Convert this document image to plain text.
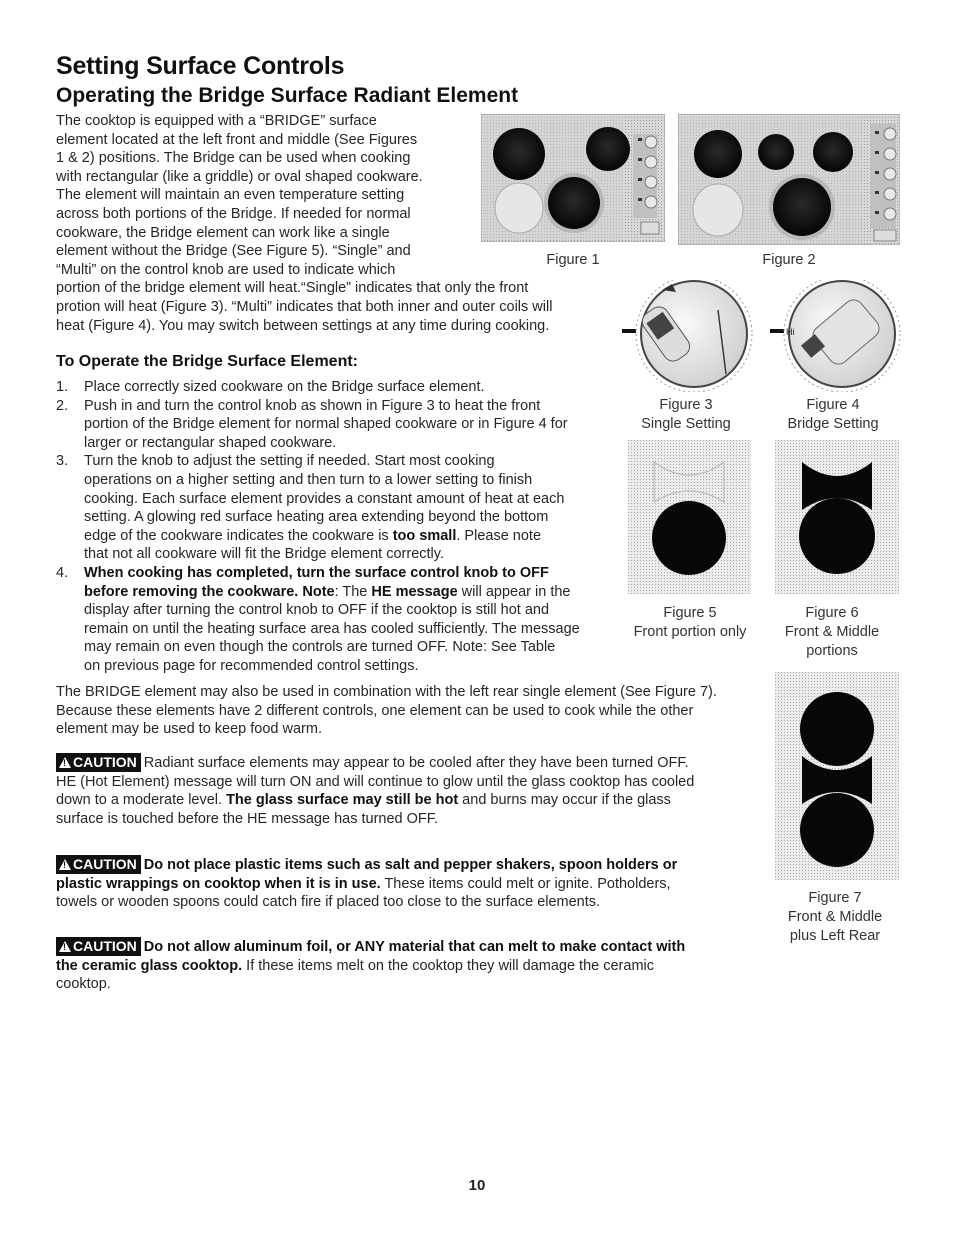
Setting Surface Controls
Operating the Bridge Surface Radiant Element

The cooktop is equipped with a “BRIDGE” surface

element located at the left front and middle (See Figures

1 & 2) positions. The Bridge can be used when cooking

with rectangular (like a griddle) or oval shaped cookware.

The element will maintain an even temperature setting

across both portions of the Bridge. If needed for normal

cookware, the Bridge element can work like a single

element without the Bridge (See Figure 5). “Single” and

“Multi” on the control knob are used to indicate which

portion of the bridge element will heat.“Single” indicates that only the front

protion will heat (Figure 3). “Multi” indicates that both inner and outer coils will

heat (Figure 4). You may switch between settings at any time during cooking.

Figure 1	Figure 2
Figure 3
Single Setting
Hi
Figure 4
Bridge Setting
Figure 5
Front portion only
Figure 6
Front & Middle
portions
To Operate the Bridge Surface Element:
1.	Place correctly sized cookware on the Bridge surface element.
2.	Push in and turn the control knob as shown in Figure 3 to heat the front

portion of the Bridge element for normal shaped cookware or in Figure 4 for

larger or rectangular shaped cookware.

3.	Turn the knob to adjust the setting if needed. Start most cooking

operations on a higher setting and then turn to a lower setting to finish

cooking. Each surface element provides a constant amount of heat at each

setting. A glowing red surface heating area extending beyond the bottom

edge of the cookware indicates the cookware is too small. Please note

that not all cookware will fit the Bridge element correctly.

4.	When cooking has completed, turn the surface control knob to OFF

before removing the cookware. Note: The HE message will appear in the

display after turning the control knob to OFF if the cooktop is still hot and

remain on until the heating surface area has cooled sufficiently. The message

may remain on even though the controls are turned OFF. Note: See Table

on previous page for recommended control settings.

The BRIDGE element may also be used in combination with the left rear single element (See Figure 7).

Because these elements have 2 different controls, one element can be used to cook while the other

element may be used to keep food warm.

Figure 7
Front & Middle
plus Left Rear

!CAUTION Radiant surface elements may appear to be cooled after they have been turned OFF.

HE (Hot Element) message will turn ON and will continue to glow until the glass cooktop has cooled

down to a moderate level. The glass surface may still be hot and burns may occur if the glass

surface is touched before the HE message has turned OFF.

!CAUTION Do not place plastic items such as salt and pepper shakers, spoon holders or

plastic wrappings on cooktop when it is in use. These items could melt or ignite. Potholders,

towels or wooden spoons could catch fire if placed too close to the surface elements.

!CAUTION Do not allow aluminum foil, or ANY material that can melt to make contact with

the ceramic glass cooktop. If these items melt on the cooktop they will damage the ceramic

cooktop.

10
